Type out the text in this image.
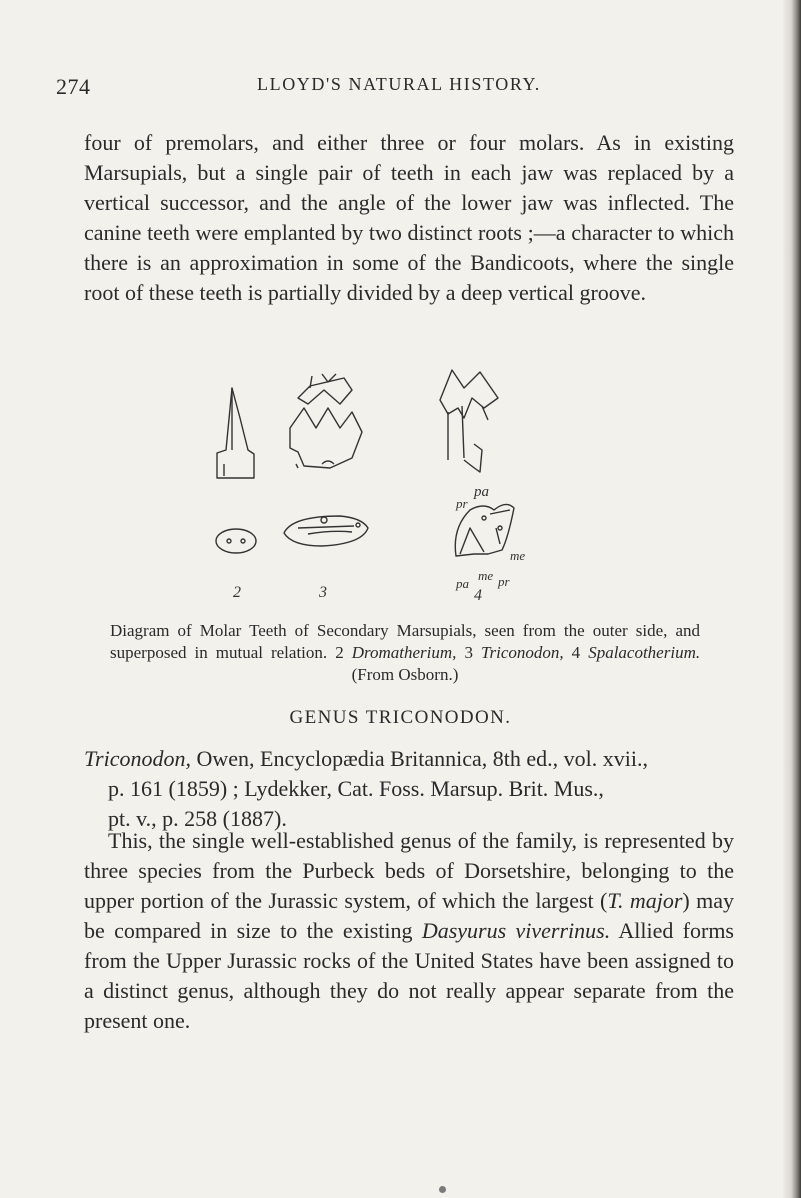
274	LLOYD'S NATURAL HISTORY.

four of premolars, and either three or four molars. As in existing Marsupials, but a single pair of teeth in each jaw was replaced by a vertical successor, and the angle of the lower jaw was inflected. The canine teeth were emplanted by two distinct roots ;—a character to which there is an approximation in some of the Bandicoots, where the single root of these teeth is partially divided by a deep vertical groove.

2	3	4
pa
pr
me
pa
me pr
Diagram of Molar Teeth of Secondary Marsupials, seen from the outer side, and superposed in mutual relation. 2 Dromatherium, 3 Triconodon, 4 Spalacotherium. (From Osborn.)
GENUS TRICONODON.
Triconodon, Owen, Encyclopædia Britannica, 8th ed., vol. xvii.,
p. 161 (1859) ; Lydekker, Cat. Foss. Marsup. Brit. Mus.,
pt. v., p. 258 (1887).

This, the single well-established genus of the family, is represented by three species from the Purbeck beds of Dorsetshire, belonging to the upper portion of the Jurassic system, of which the largest (T. major) may be compared in size to the existing Dasyurus viverrinus. Allied forms from the Upper Jurassic rocks of the United States have been assigned to a distinct genus, although they do not really appear separate from the present one.
